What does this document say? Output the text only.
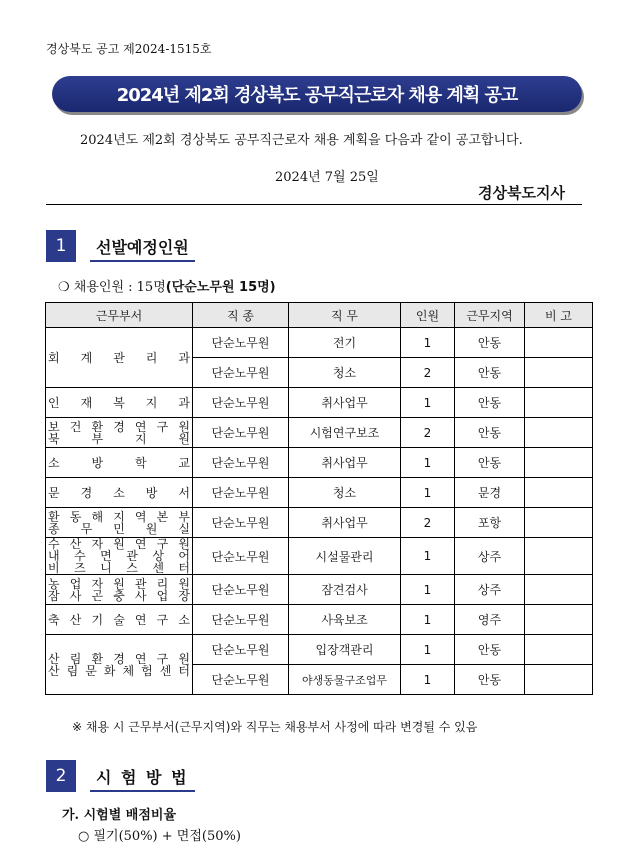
경상북도 공고 제2024-1515호
2024년 제2회 경상북도 공무직근로자 채용 계획 공고
2024년도 제2회 경상북도 공무직근로자 채용 계획을 다음과 같이 공고합니다.
2024년 7월 25일
경상북도지사
1	선발예정인원
❍ 채용인원 : 15명(단순노무원 15명)
근무부서	직 종	직 무	인원	근무지역	비 고

회 계 관 리 과	단순노무원	전기	1	안동	
	단순노무원	청소	2	안동	

인 재 복 지 과	단순노무원	취사업무	1	안동	

보 건 환 경 연 구 원
북 부 지 원	단순노무원	시험연구보조	2	안동	

소 방 학 교	단순노무원	취사업무	1	안동	

문 경 소 방 서	단순노무원	청소	1	문경	

환 동 해 지 역 본 부
종 무 민 원 실	단순노무원	취사업무	2	포항	

수 산 자 원 연 구 원
내 수 면 관 상 어
비 즈 니 스 센 터	단순노무원	시설물관리	1	상주	

농 업 자 원 관 리 원
잠 사 곤 충 사 업 장	단순노무원	잠견검사	1	상주	

축 산 기 술 연 구 소	단순노무원	사육보조	1	영주	

산 림 환 경 연 구 원
산 림 문 화 체 험 센 터	단순노무원	입장객관리	1	안동	
	단순노무원	야생동물구조업무	1	안동	
※ 채용 시 근무부서(근무지역)와 직무는 채용부서 사정에 따라 변경될 수 있음
2	시 험 방 법
가. 시험별 배점비율
○ 필기(50%) + 면접(50%)
